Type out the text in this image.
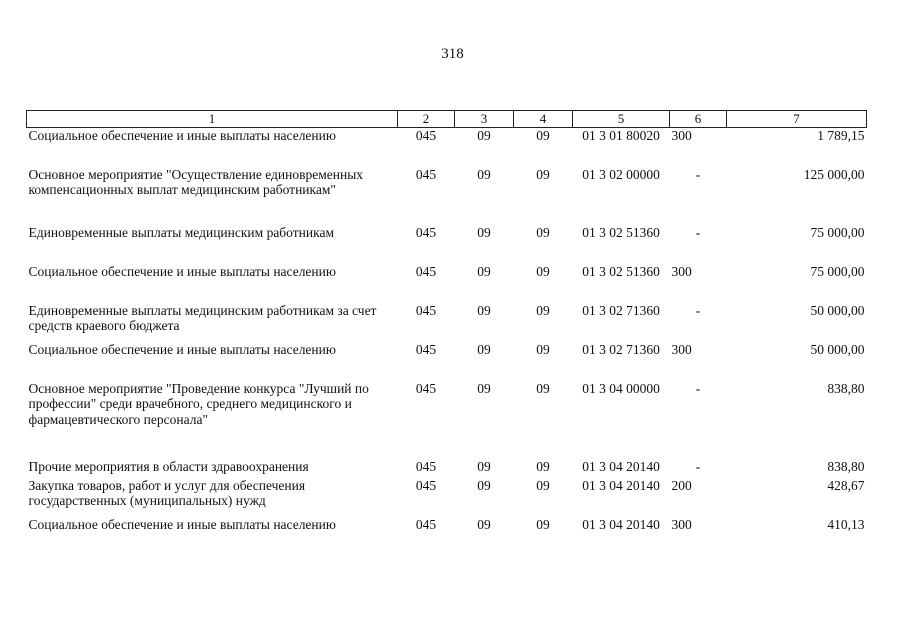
318
1	2	3	4	5	6	7
Социальное обеспечение и иные выплаты населению	045	09	09	01 3 01 80020	300	1 789,15
Основное мероприятие "Осуществление единовременных компенсационных выплат медицинским работникам"	045	09	09	01 3 02 00000	-	125 000,00
Единовременные выплаты медицинским работникам	045	09	09	01 3 02 51360	-	75 000,00
Социальное обеспечение и иные выплаты населению	045	09	09	01 3 02 51360	300	75 000,00
Единовременные выплаты медицинским работникам за счет средств краевого бюджета	045	09	09	01 3 02 71360	-	50 000,00
Социальное обеспечение и иные выплаты населению	045	09	09	01 3 02 71360	300	50 000,00
Основное мероприятие "Проведение конкурса "Лучший по профессии" среди врачебного, среднего медицинского и фармацевтического персонала"	045	09	09	01 3 04 00000	-	838,80
Прочие мероприятия в области здравоохранения	045	09	09	01 3 04 20140	-	838,80
Закупка товаров, работ и услуг для обеспечения государственных (муниципальных) нужд	045	09	09	01 3 04 20140	200	428,67
Социальное обеспечение и иные выплаты населению	045	09	09	01 3 04 20140	300	410,13
